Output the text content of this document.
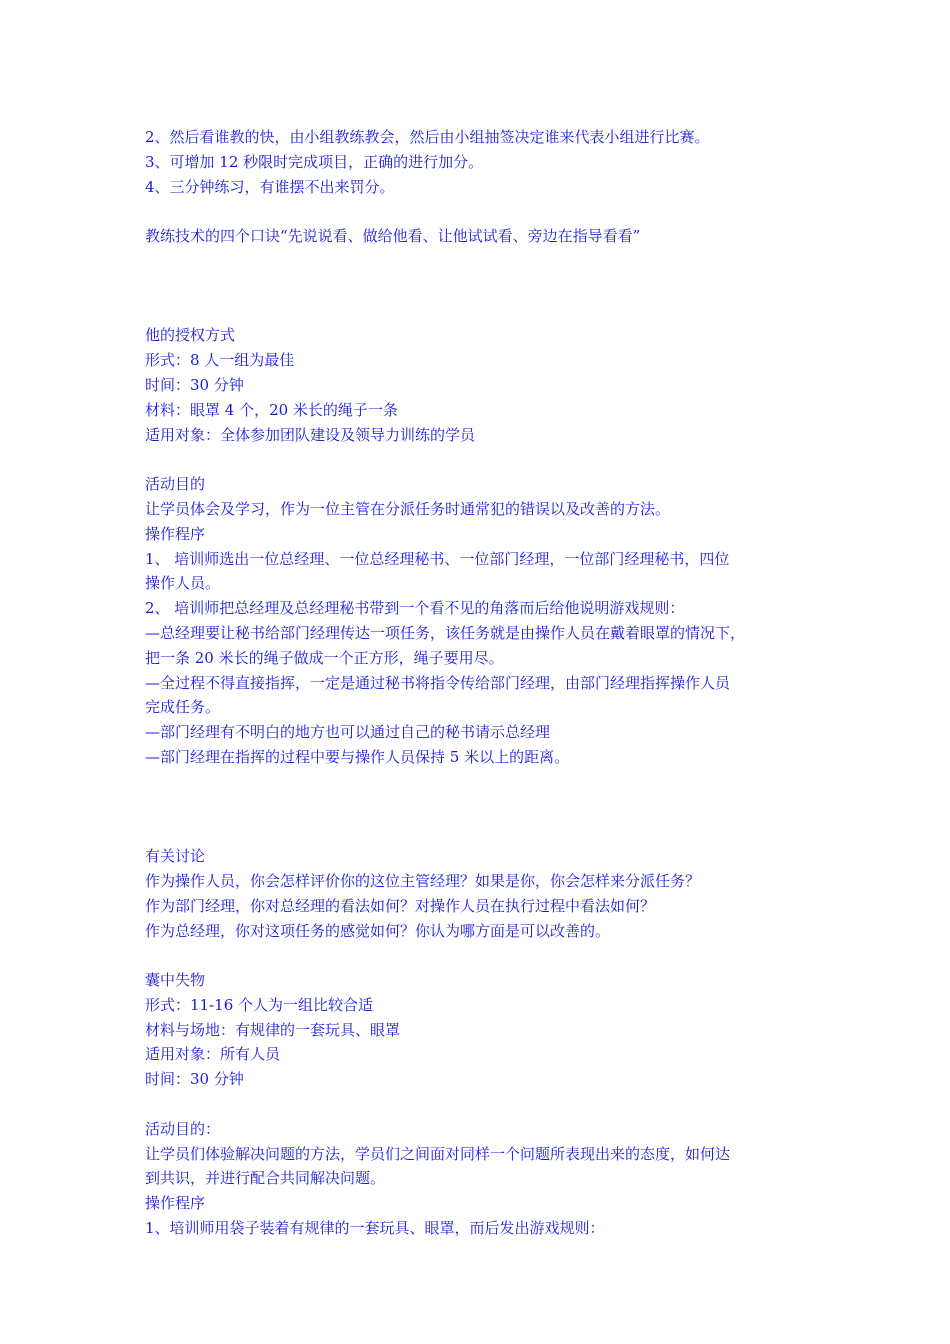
2、然后看谁教的快，由小组教练教会，然后由小组抽签决定谁来代表小组进行比赛。
3、可增加 12 秒限时完成项目，正确的进行加分。
4、三分钟练习，有谁摆不出来罚分。
教练技术的四个口诀“先说说看、做给他看、让他试试看、旁边在指导看看”
他的授权方式
形式：8 人一组为最佳
时间：30 分钟
材料：眼罩 4 个，20 米长的绳子一条
适用对象：全体参加团队建设及领导力训练的学员
活动目的
让学员体会及学习，作为一位主管在分派任务时通常犯的错误以及改善的方法。
操作程序
1、 培训师选出一位总经理、一位总经理秘书、一位部门经理，一位部门经理秘书，四位
操作人员。
2、 培训师把总经理及总经理秘书带到一个看不见的角落而后给他说明游戏规则：
—总经理要让秘书给部门经理传达一项任务，该任务就是由操作人员在戴着眼罩的情况下，
把一条 20 米长的绳子做成一个正方形，绳子要用尽。
—全过程不得直接指挥，一定是通过秘书将指令传给部门经理，由部门经理指挥操作人员
完成任务。
—部门经理有不明白的地方也可以通过自己的秘书请示总经理
—部门经理在指挥的过程中要与操作人员保持 5 米以上的距离。
有关讨论
作为操作人员，你会怎样评价你的这位主管经理？如果是你，你会怎样来分派任务？
作为部门经理，你对总经理的看法如何？对操作人员在执行过程中看法如何？
作为总经理，你对这项任务的感觉如何？你认为哪方面是可以改善的。
囊中失物
形式：11-16 个人为一组比较合适
材料与场地：有规律的一套玩具、眼罩
适用对象：所有人员
时间：30 分钟
活动目的：
让学员们体验解决问题的方法，学员们之间面对同样一个问题所表现出来的态度，如何达
到共识，并进行配合共同解决问题。
操作程序
1、培训师用袋子装着有规律的一套玩具、眼罩，而后发出游戏规则：
